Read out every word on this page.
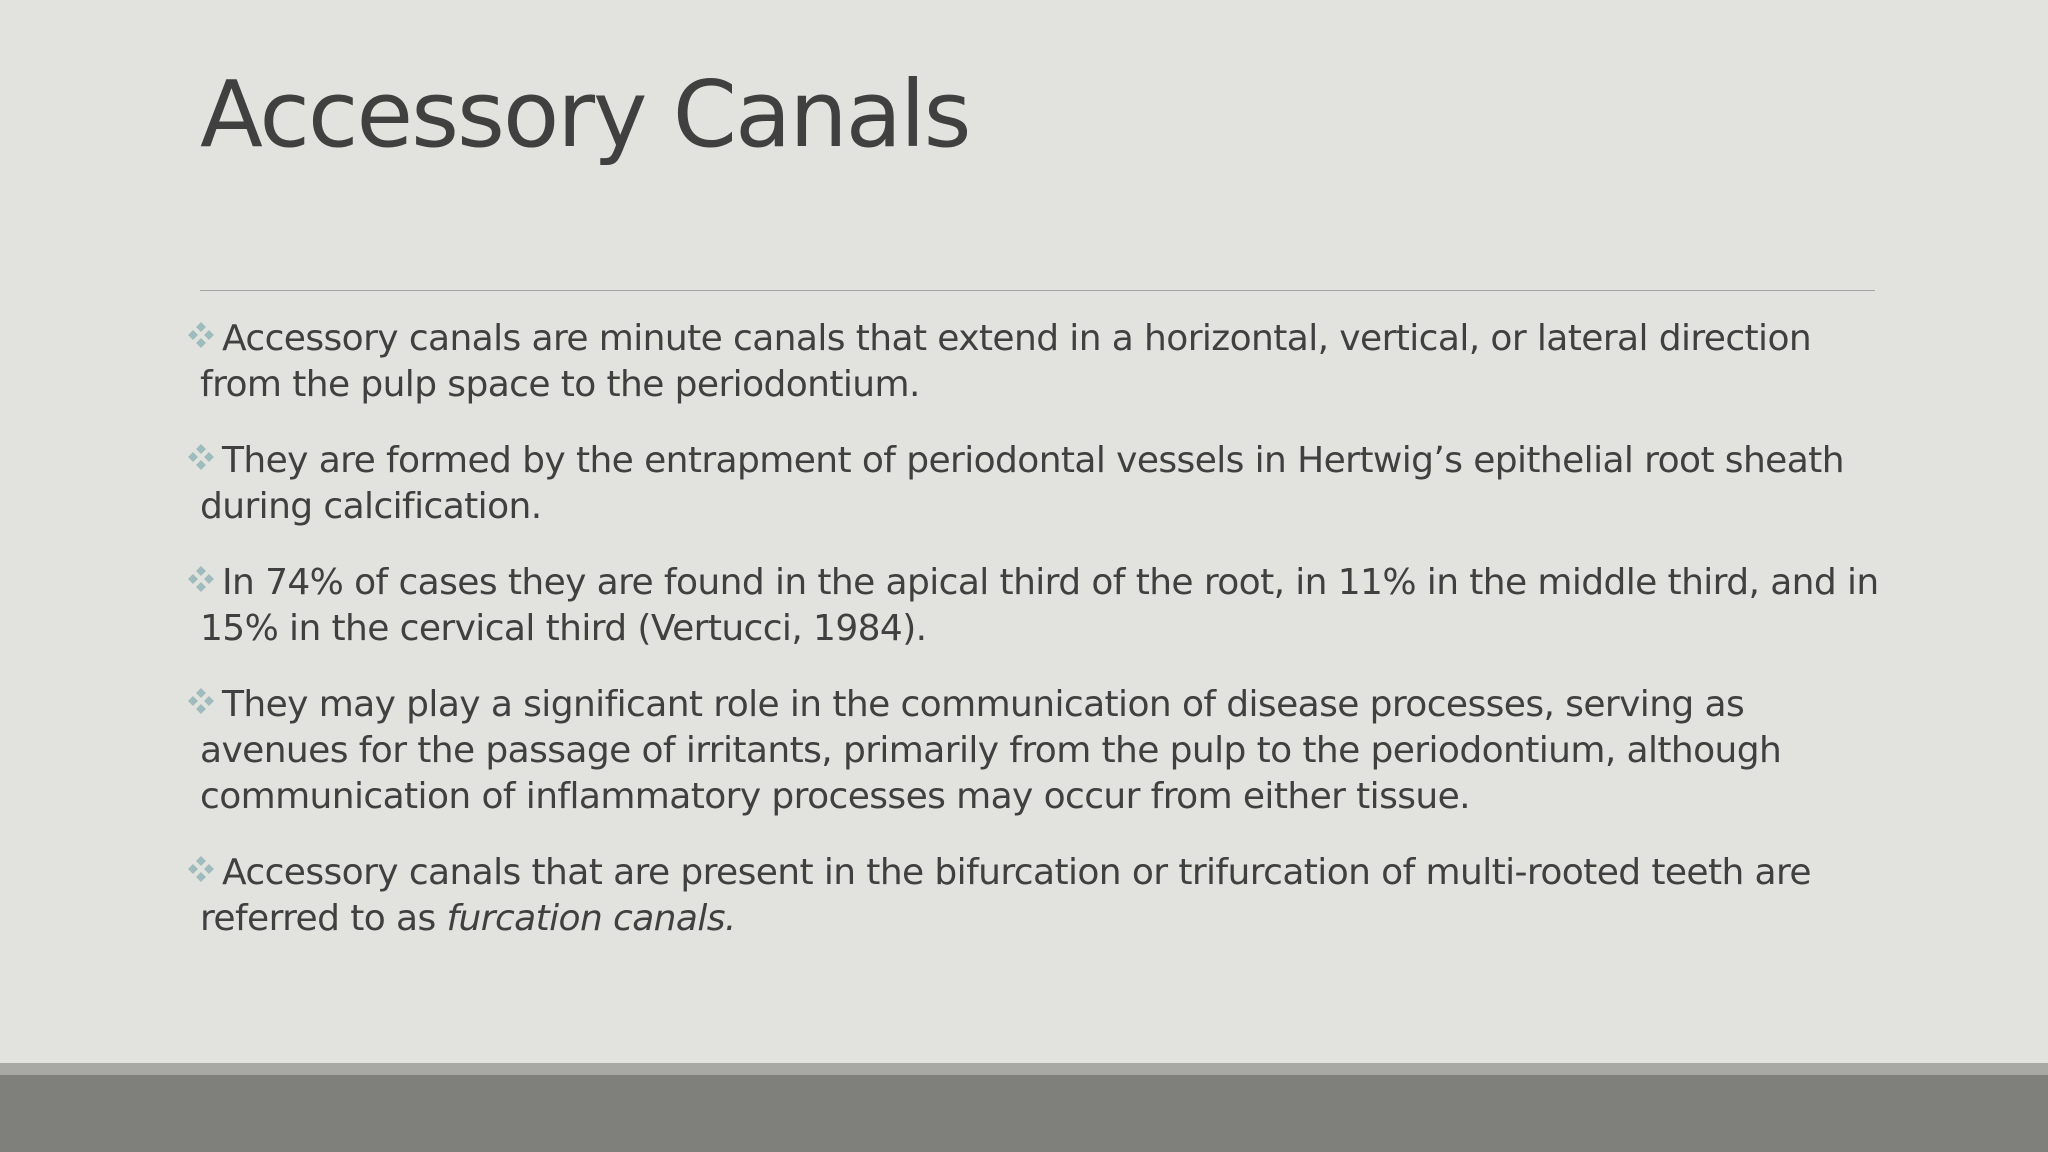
Accessory Canals
Accessory canals are minute canals that extend in a horizontal, vertical, or lateral direction from the pulp space to the periodontium.
They are formed by the entrapment of periodontal vessels in Hertwig’s epithelial root sheath during calcification.
In 74% of cases they are found in the apical third of the root, in 11% in the middle third, and in 15% in the cervical third (Vertucci, 1984).
They may play a significant role in the communication of disease processes, serving as avenues for the passage of irritants, primarily from the pulp to the periodontium, although communication of inflammatory processes may occur from either tissue.
Accessory canals that are present in the bifurcation or trifurcation of multi-rooted teeth are referred to as furcation canals.
